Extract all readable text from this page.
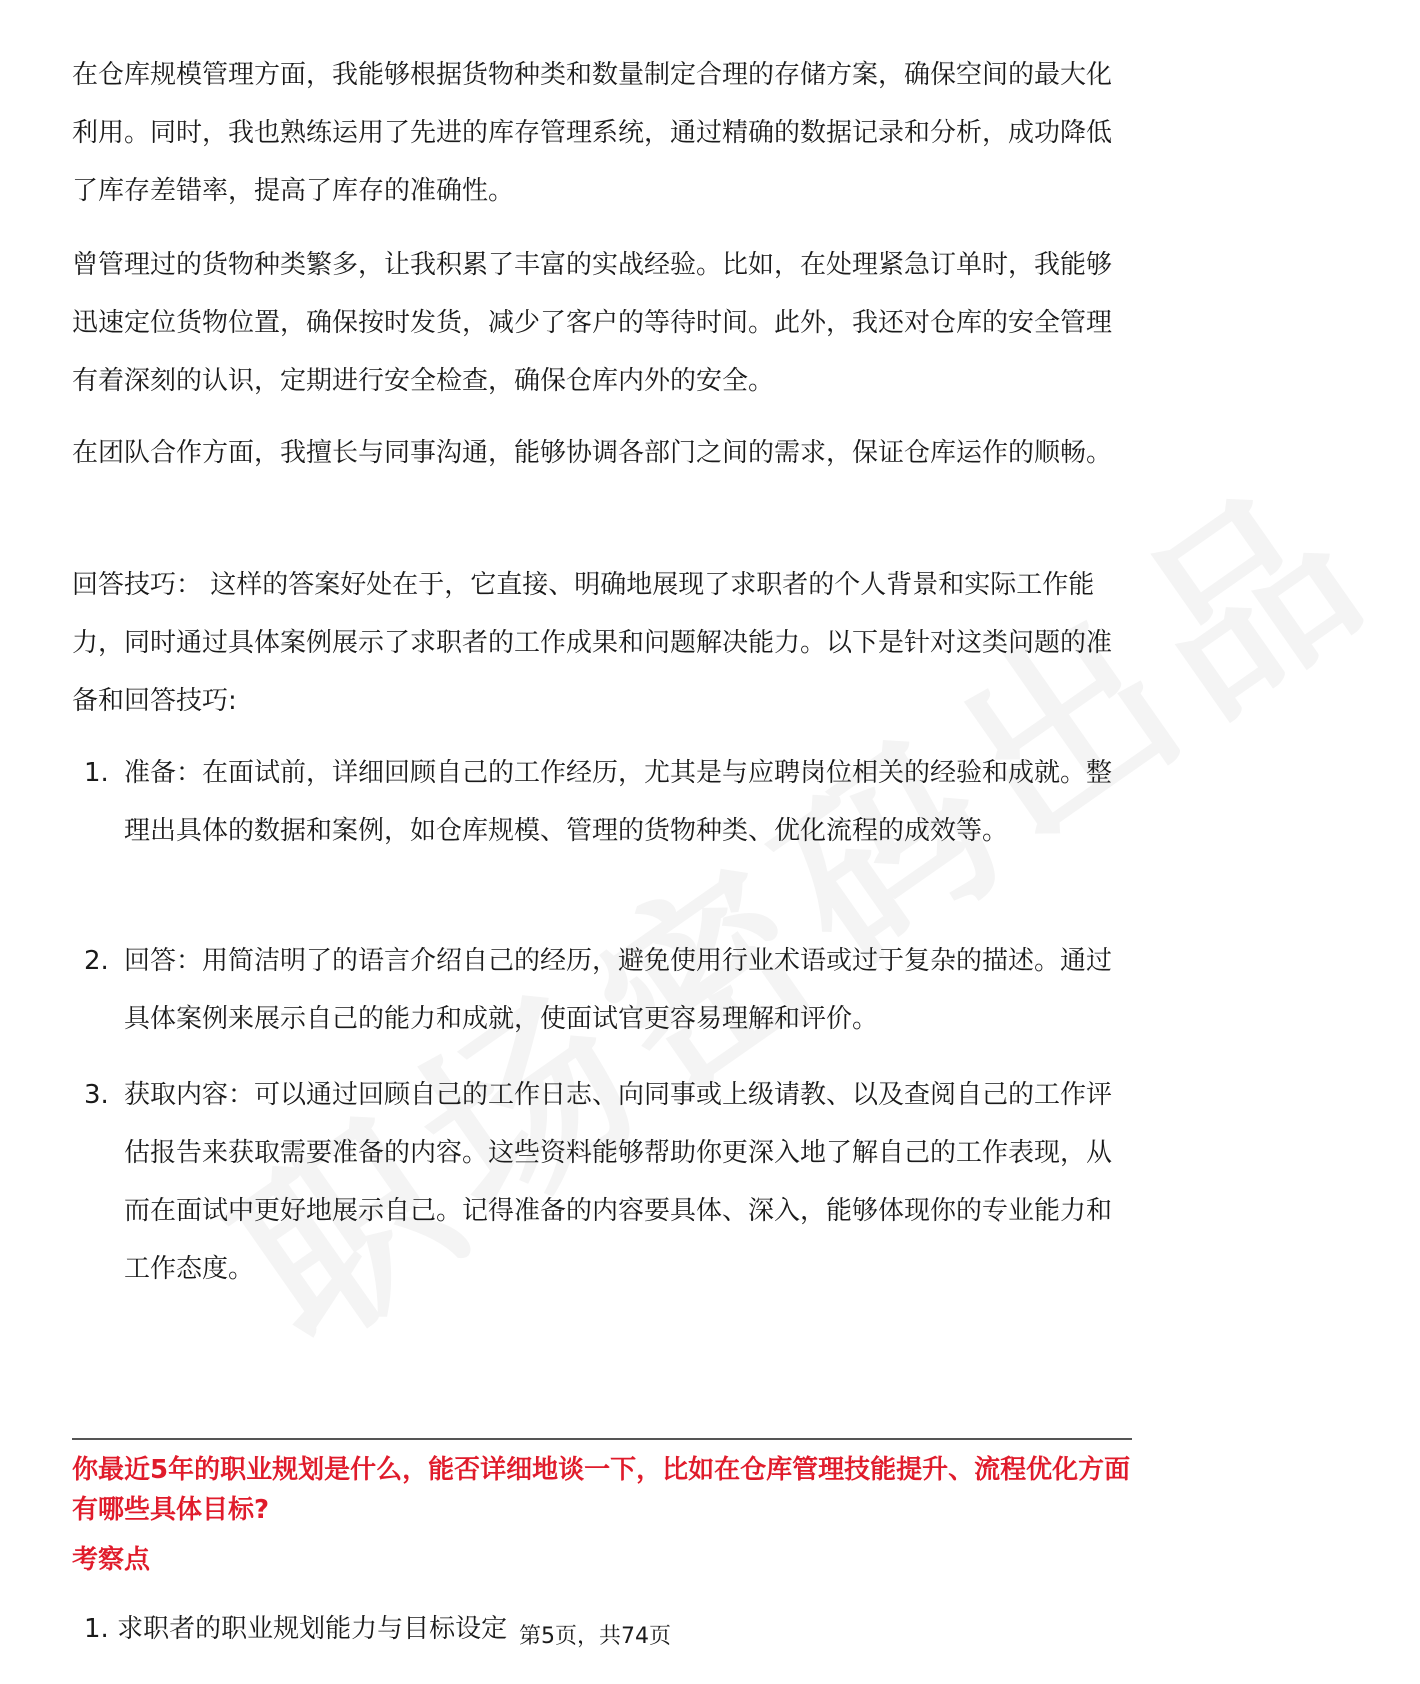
在仓库规模管理方面，我能够根据货物种类和数量制定合理的存储方案，确保空间的最大化利用。同时，我也熟练运用了先进的库存管理系统，通过精确的数据记录和分析，成功降低了库存差错率，提高了库存的准确性。
曾管理过的货物种类繁多，让我积累了丰富的实战经验。比如，在处理紧急订单时，我能够迅速定位货物位置，确保按时发货，减少了客户的等待时间。此外，我还对仓库的安全管理有着深刻的认识，定期进行安全检查，确保仓库内外的安全。
在团队合作方面，我擅长与同事沟通，能够协调各部门之间的需求，保证仓库运作的顺畅。
回答技巧： 这样的答案好处在于，它直接、明确地展现了求职者的个人背景和实际工作能力，同时通过具体案例展示了求职者的工作成果和问题解决能力。以下是针对这类问题的准备和回答技巧:
1. 准备：在面试前，详细回顾自己的工作经历，尤其是与应聘岗位相关的经验和成就。整理出具体的数据和案例，如仓库规模、管理的货物种类、优化流程的成效等。
2. 回答：用简洁明了的语言介绍自己的经历，避免使用行业术语或过于复杂的描述。通过具体案例来展示自己的能力和成就，使面试官更容易理解和评价。
3. 获取内容：可以通过回顾自己的工作日志、向同事或上级请教、以及查阅自己的工作评估报告来获取需要准备的内容。这些资料能够帮助你更深入地了解自己的工作表现，从而在面试中更好地展示自己。记得准备的内容要具体、深入，能够体现你的专业能力和工作态度。
你最近5年的职业规划是什么，能否详细地谈一下，比如在仓库管理技能提升、流程优化方面有哪些具体目标?
考察点
1. 求职者的职业规划能力与目标设定 第5页，共74页
